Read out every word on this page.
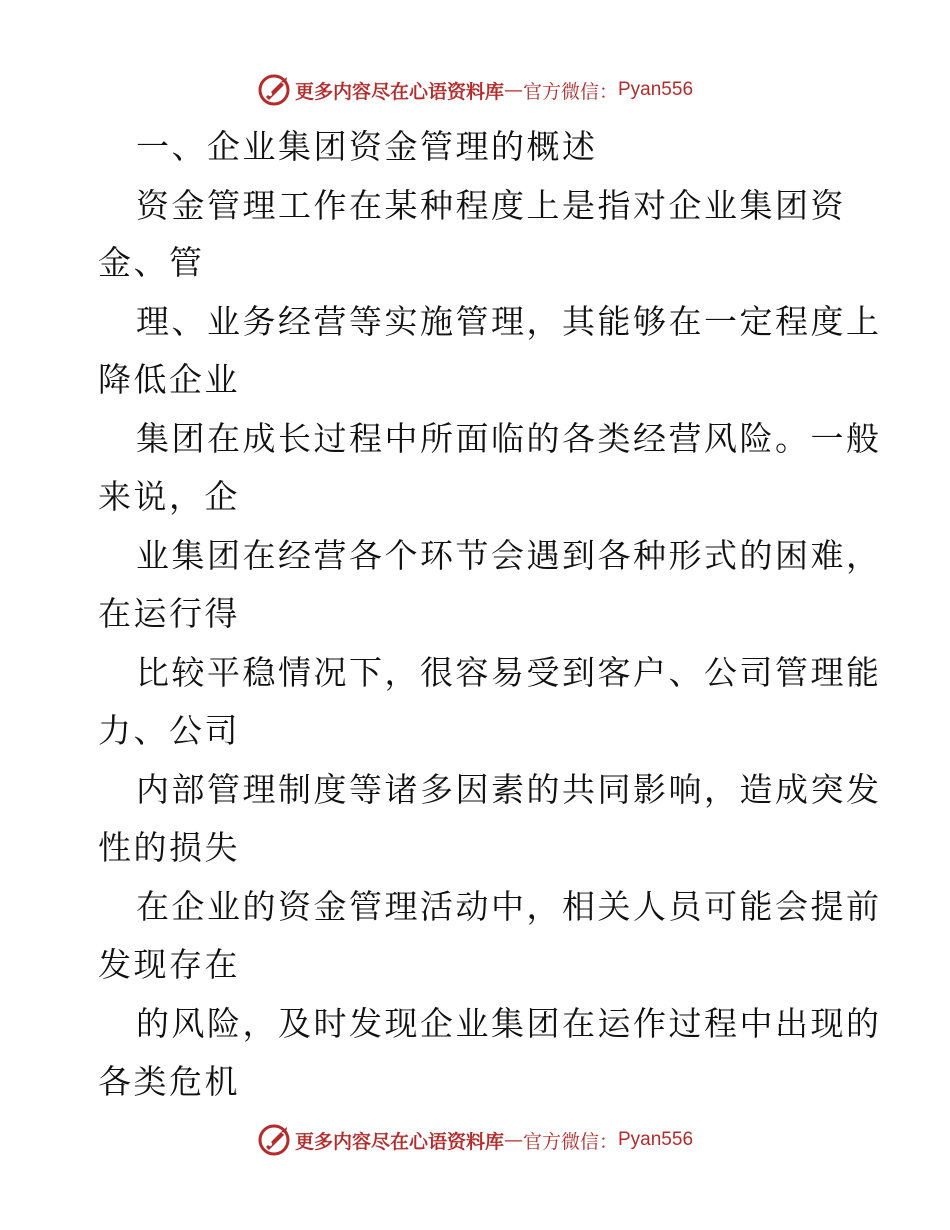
更多内容尽在心语资料库 — 官方微信： Pyan556
一、企业集团资金管理的概述
资金管理工作在某种程度上是指对企业集团资
金、管
理、业务经营等实施管理，其能够在一定程度上
降低企业
集团在成长过程中所面临的各类经营风险。一般
来说，企
业集团在经营各个环节会遇到各种形式的困难，
在运行得
比较平稳情况下，很容易受到客户、公司管理能
力、公司
内部管理制度等诸多因素的共同影响，造成突发
性的损失
在企业的资金管理活动中，相关人员可能会提前
发现存在
的风险，及时发现企业集团在运作过程中出现的
各类危机
更多内容尽在心语资料库 — 官方微信： Pyan556
